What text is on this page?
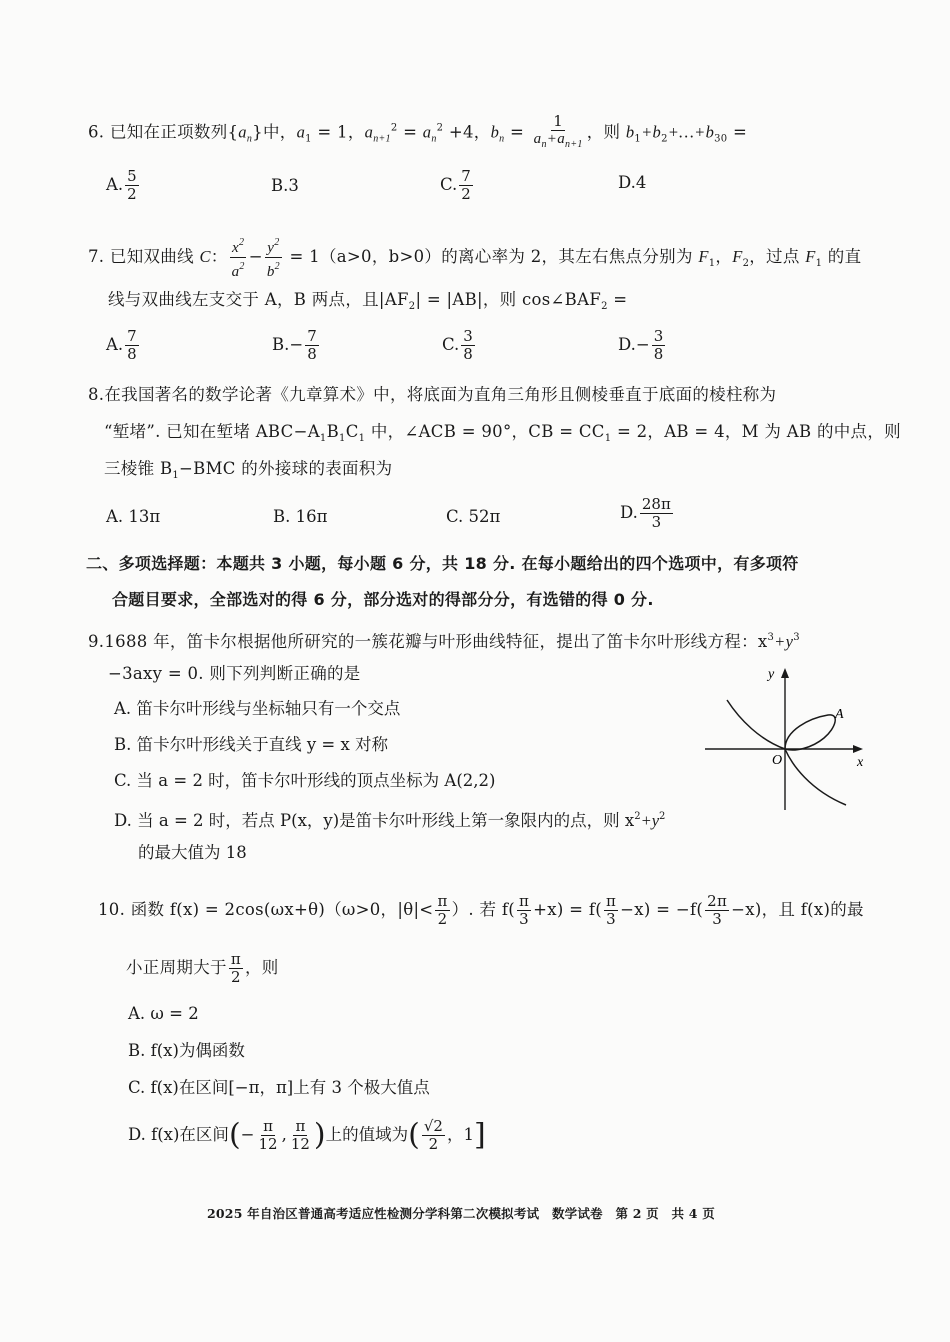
6. 已知在正项数列$\{a_n\}$中，$a_1 = 1$，$a_{n+1}^2 = a_n^2 +4$，$b_n = \frac{1}{a_n+a_{n+1}}$ ，则 $b_1+b_2+\dots+b_{30}$ =
A. $\frac{5}{2}$	B.3	C. $\frac{7}{2}$	D.4
7. 已知双曲线 C： $\frac{x^2}{a^2} - \frac{y^2}{b^2} = 1(a>0$，b>0）的离心率为 2，其左右焦点分别为 $F_1$，$F_2$，过点 $F_1$ 的直
线与双曲线左支交于 A，B 两点，且$|AF_2| = |AB|$，则 $\cos\angle BAF_2$ =
A. $\frac{7}{8}$	$B.- \frac{7}{8}$	C. $\frac{3}{8}$	$D.- \frac{3}{8}$
8.在我国著名的数学论著《九章算术》中，将底面为直角三角形且侧棱垂直于底面的棱柱称为
“堑堵”. 已知在堑堵 $ABC-A_1B_1C_1$ 中，∠ACB = 90°，CB = $CC_1 = 2$，AB = 4，M 为 AB 的中点，则
三棱锥 $B_1-BMC$ 的外接球的表面积为
A. 13π	B. 16π	C. 52π	D. $\frac{28\pi}{3}$
二、多项选择题：本题共 3 小题，每小题 6 分，共 18 分. 在每小题给出的四个选项中，有多项符
合题目要求，全部选对的得 6 分，部分选对的得部分分，有选错的得 0 分.
9.1688 年，笛卡尔根据他所研究的一簇花瓣与叶形曲线特征，提出了笛卡尔叶形线方程：$x^3+y^3$
−3axy = 0. 则下列判断正确的是
A. 笛卡尔叶形线与坐标轴只有一个交点
B. 笛卡尔叶形线关于直线 y = x 对称
C. 当 a = 2 时，笛卡尔叶形线的顶点坐标为 A(2,2)
D. 当 a = 2 时，若点 P(x，y)是笛卡尔叶形线上第一象限内的点，则 $x^2+y^2$
的最大值为 18
y
x
O
A
10. 函数 f(x) = 2cos(ωx+θ)（ω>0，$|\theta|< \frac{\pi}{2}$ ）. 若 $f( \frac{\pi}{3} +x) = f( \frac{\pi}{3} -x) = -f( \frac{2\pi}{3} -x)$，且 f(x)的最
小正周期大于 $\frac{\pi}{2}$ ，则
A. ω = 2
B. f(x)为偶函数
C. f(x)在区间[−π，π]上有 3 个极大值点
D. f(x)在区间(− $\frac{\pi}{12}$ , $\frac{\pi}{12}$ )上的值域为( $\frac{√2}{2}$ ，1]
2025 年自治区普通高考适应性检测分学科第二次模拟考试　数学试卷　第 2 页　共 4 页
